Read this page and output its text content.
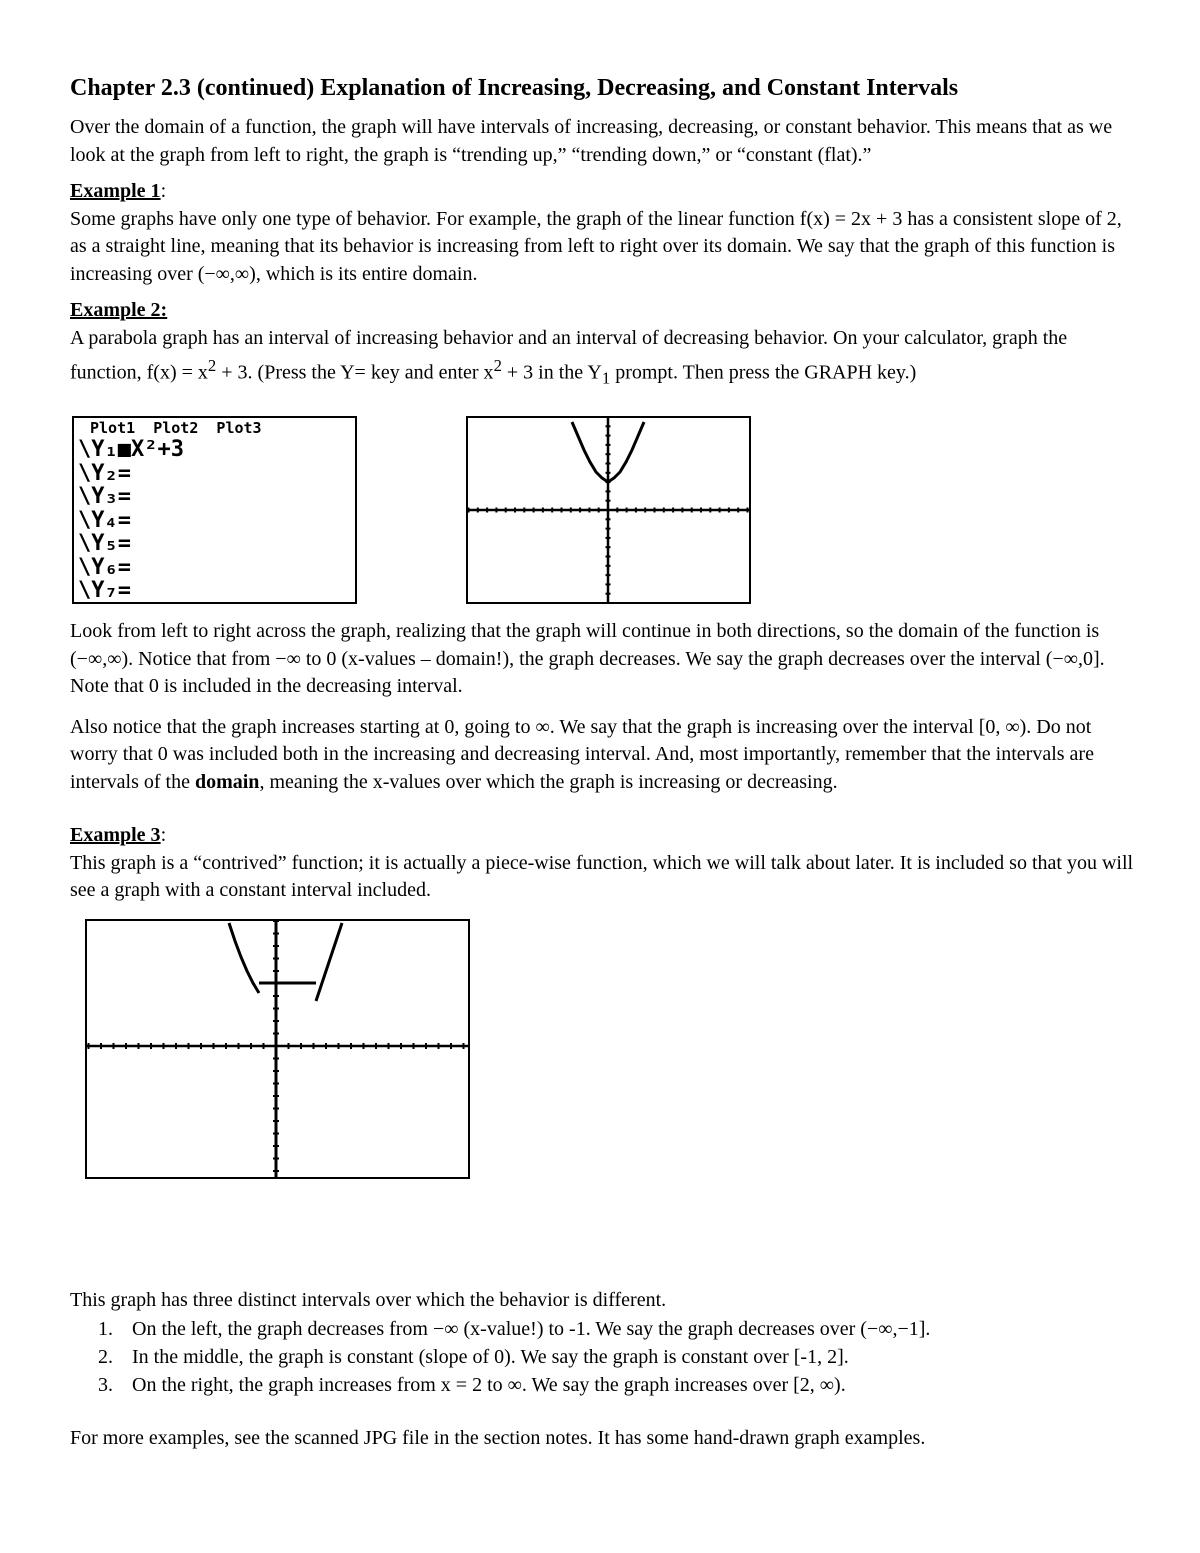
Chapter 2.3 (continued) Explanation of Increasing, Decreasing, and Constant Intervals

Over the domain of a function, the graph will have intervals of increasing, decreasing, or constant behavior. This means that as we look at the graph from left to right, the graph is “trending up,” “trending down,” or “constant (flat).”

Example 1:

Some graphs have only one type of behavior. For example, the graph of the linear function f(x) = 2x + 3 has a consistent slope of 2, as a straight line, meaning that its behavior is increasing from left to right over its domain. We say that the graph of this function is increasing over (−∞,∞), which is its entire domain.

Example 2:

A parabola graph has an interval of increasing behavior and an interval of decreasing behavior. On your calculator, graph the function, $f(x) = x^2 + 3$. (Press the Y= key and enter $x^2 + 3$ in the $Y_1$ prompt. Then press the GRAPH key.)

Plot1  Plot2  Plot3
\Y₁■X²+3
\Y₂=
\Y₃=
\Y₄=
\Y₅=
\Y₆=
\Y₇=

Look from left to right across the graph, realizing that the graph will continue in both directions, so the domain of the function is (−∞,∞). Notice that from −∞ to 0 (x-values – domain!), the graph decreases. We say the graph decreases over the interval (−∞,0]. Note that 0 is included in the decreasing interval.

Also notice that the graph increases starting at 0, going to ∞. We say that the graph is increasing over the interval [0, ∞). Do not worry that 0 was included both in the increasing and decreasing interval. And, most importantly, remember that the intervals are intervals of the domain, meaning the x-values over which the graph is increasing or decreasing.

Example 3:

This graph is a “contrived” function; it is actually a piece-wise function, which we will talk about later. It is included so that you will see a graph with a constant interval included.

This graph has three distinct intervals over which the behavior is different.

1. On the left, the graph decreases from −∞ (x-value!) to -1. We say the graph decreases over (−∞,−1].
2. In the middle, the graph is constant (slope of 0). We say the graph is constant over [-1, 2].
3. On the right, the graph increases from x = 2 to ∞. We say the graph increases over [2, ∞).

For more examples, see the scanned JPG file in the section notes. It has some hand-drawn graph examples.
